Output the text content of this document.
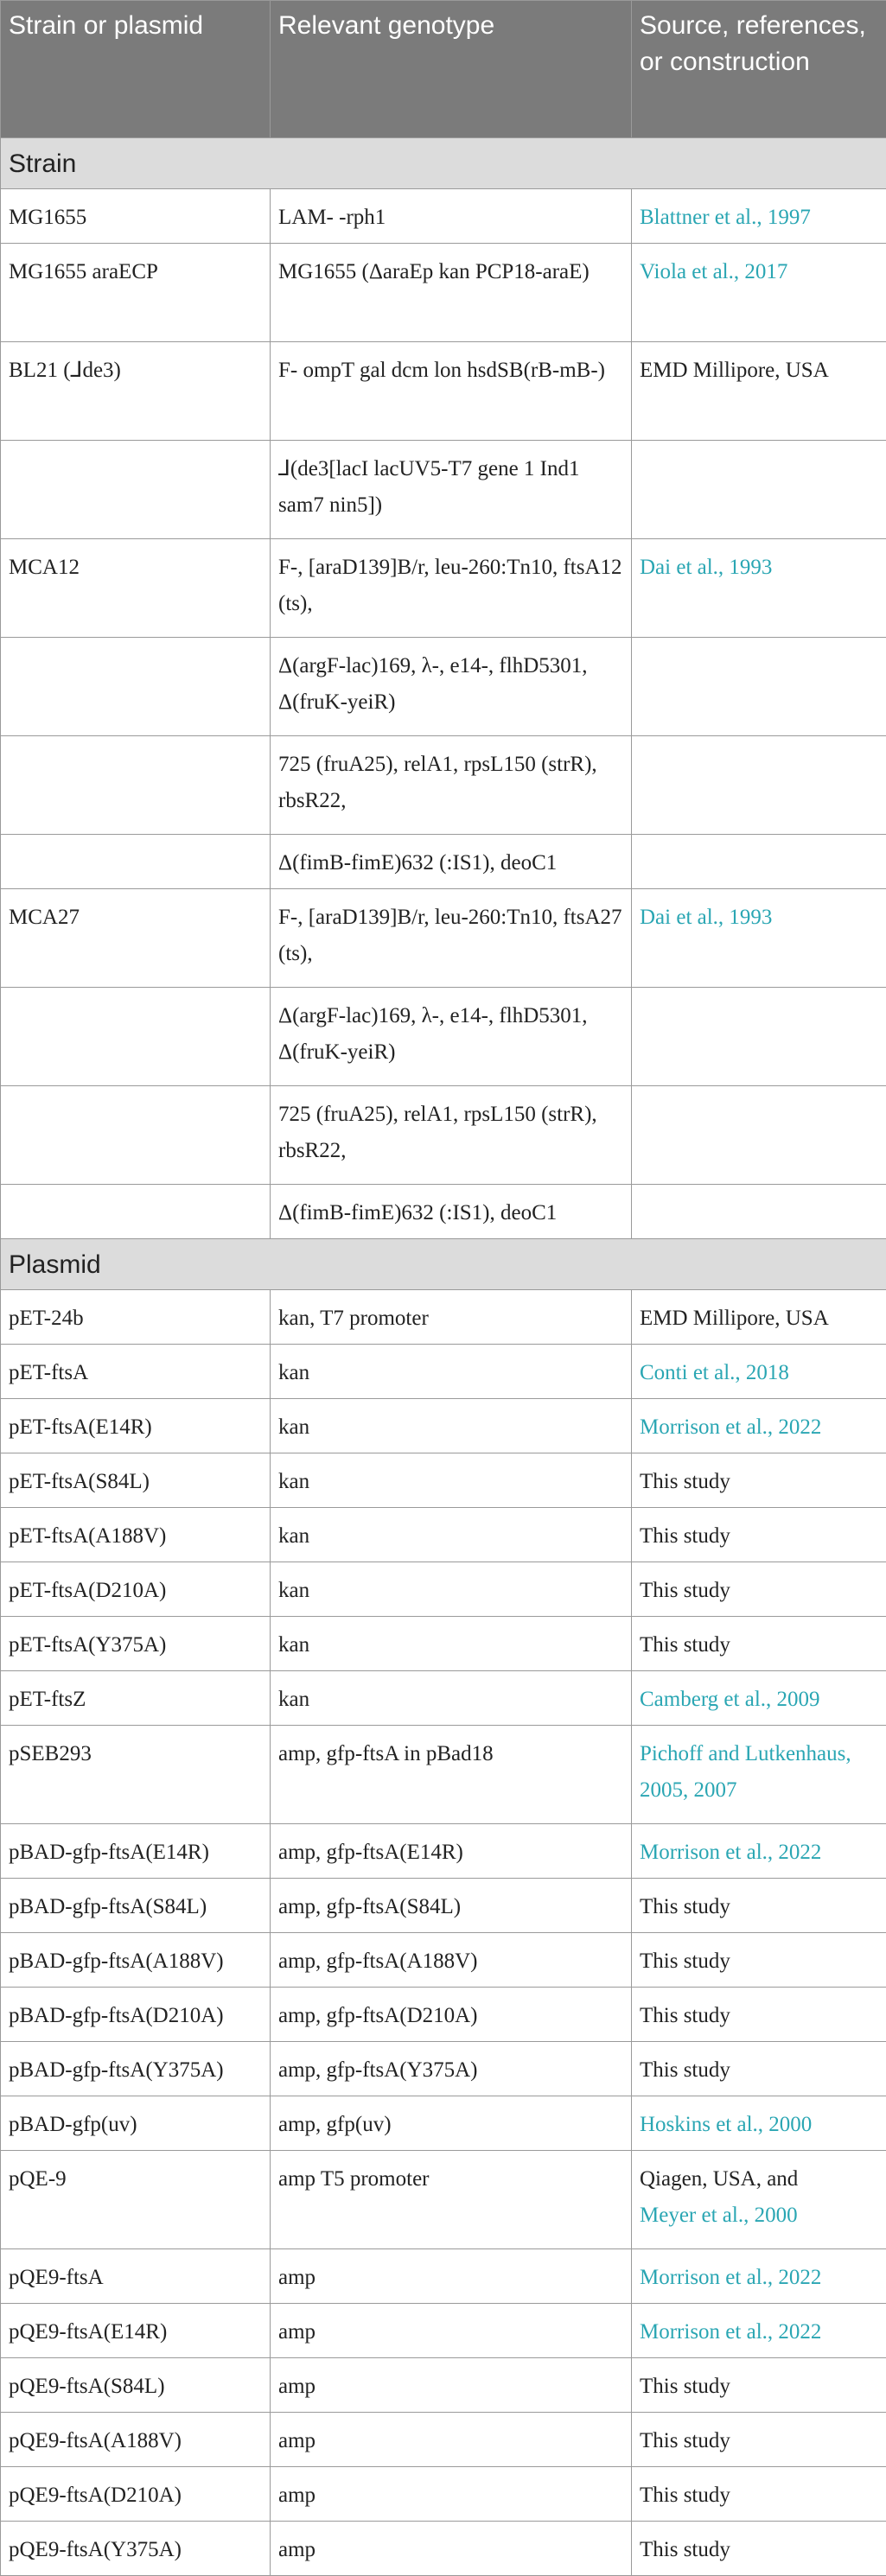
Strain or plasmid	Relevant genotype	Source, references, or construction
Strain		
MG1655	LAM- -rph1	Blattner et al., 1997
MG1655 araECP	MG1655 (ΔaraEp kan PCP18-araE)	Viola et al., 2017
BL21 (⅃de3)	F- ompT gal dcm lon hsdSB(rB-mB-)	EMD Millipore, USA
	⅃(de3[lacI lacUV5-T7 gene 1 Ind1 sam7 nin5])	
MCA12	F-, [araD139]B/r, leu-260:Tn10, ftsA12 (ts),	Dai et al., 1993
	Δ(argF-lac)169, λ-, e14-, flhD5301, Δ(fruK-yeiR)	
	725 (fruA25), relA1, rpsL150 (strR), rbsR22,	
	Δ(fimB-fimE)632 (:IS1), deoC1	
MCA27	F-, [araD139]B/r, leu-260:Tn10, ftsA27 (ts),	Dai et al., 1993
	Δ(argF-lac)169, λ-, e14-, flhD5301, Δ(fruK-yeiR)	
	725 (fruA25), relA1, rpsL150 (strR), rbsR22,	
	Δ(fimB-fimE)632 (:IS1), deoC1	
Plasmid		
pET-24b	kan, T7 promoter	EMD Millipore, USA
pET-ftsA	kan	Conti et al., 2018
pET-ftsA(E14R)	kan	Morrison et al., 2022
pET-ftsA(S84L)	kan	This study
pET-ftsA(A188V)	kan	This study
pET-ftsA(D210A)	kan	This study
pET-ftsA(Y375A)	kan	This study
pET-ftsZ	kan	Camberg et al., 2009
pSEB293	amp, gfp-ftsA in pBad18	Pichoff and Lutkenhaus, 2005, 2007
pBAD-gfp-ftsA(E14R)	amp, gfp-ftsA(E14R)	Morrison et al., 2022
pBAD-gfp-ftsA(S84L)	amp, gfp-ftsA(S84L)	This study
pBAD-gfp-ftsA(A188V)	amp, gfp-ftsA(A188V)	This study
pBAD-gfp-ftsA(D210A)	amp, gfp-ftsA(D210A)	This study
pBAD-gfp-ftsA(Y375A)	amp, gfp-ftsA(Y375A)	This study
pBAD-gfp(uv)	amp, gfp(uv)	Hoskins et al., 2000
pQE-9	amp T5 promoter	Qiagen, USA, and
Meyer et al., 2000
pQE9-ftsA	amp	Morrison et al., 2022
pQE9-ftsA(E14R)	amp	Morrison et al., 2022
pQE9-ftsA(S84L)	amp	This study
pQE9-ftsA(A188V)	amp	This study
pQE9-ftsA(D210A)	amp	This study
pQE9-ftsA(Y375A)	amp	This study
